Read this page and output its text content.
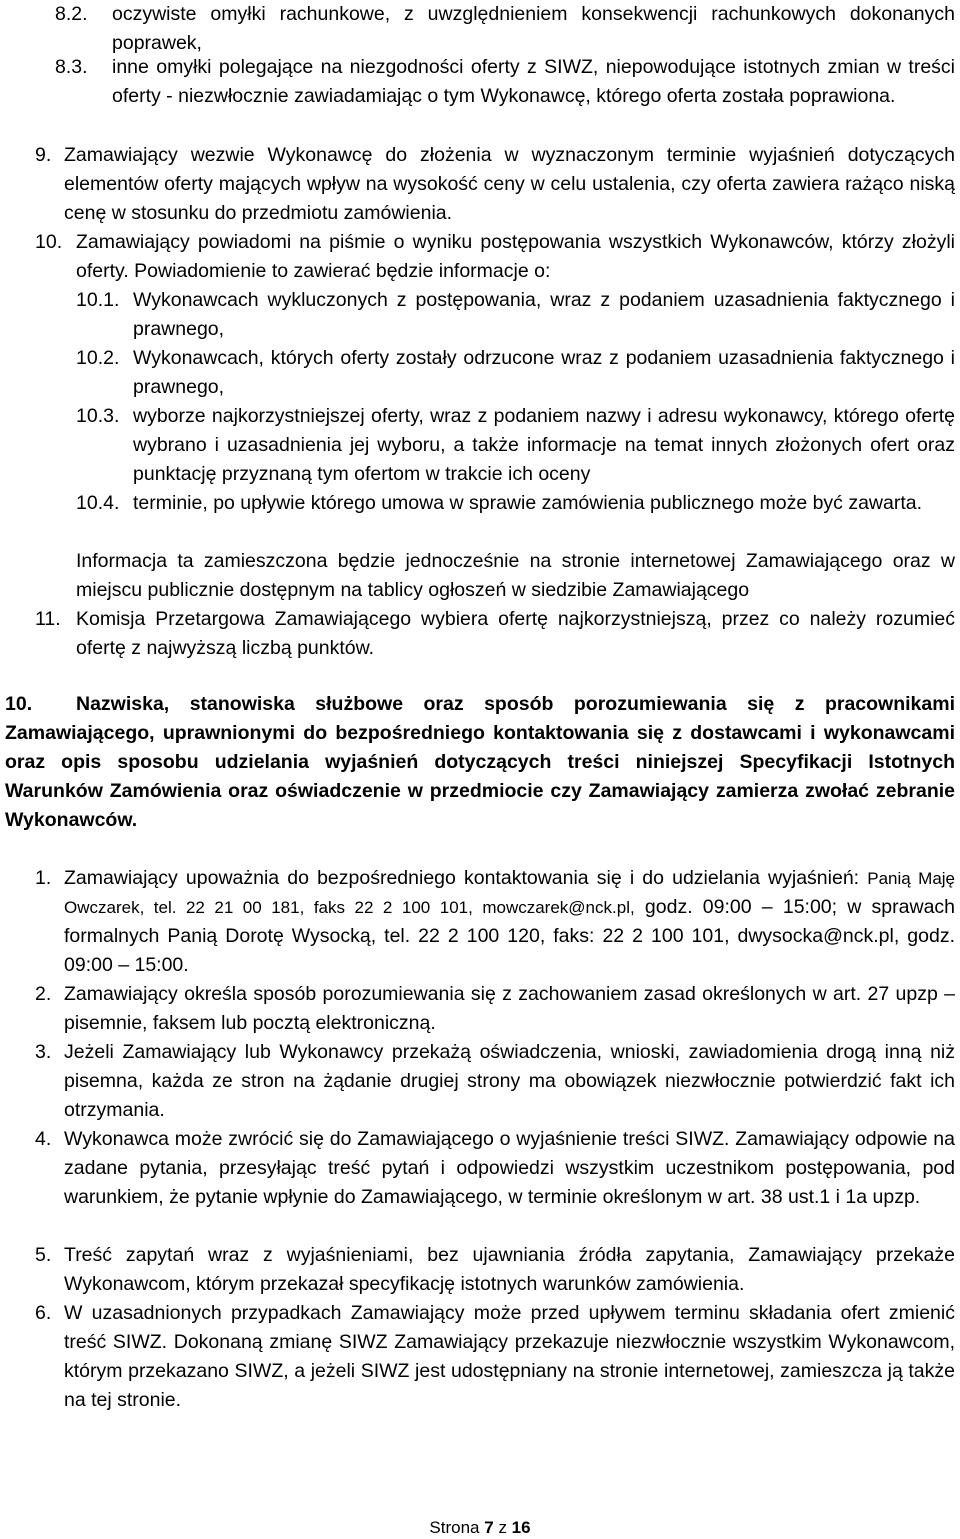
8.2.	oczywiste omyłki rachunkowe, z uwzględnieniem konsekwencji rachunkowych dokonanych poprawek,
8.3.	inne omyłki polegające na niezgodności oferty z SIWZ, niepowodujące istotnych zmian w treści oferty - niezwłocznie zawiadamiając o tym Wykonawcę, którego oferta została poprawiona.
9. Zamawiający wezwie Wykonawcę do złożenia w wyznaczonym terminie wyjaśnień dotyczących elementów oferty mających wpływ na wysokość ceny w celu ustalenia, czy oferta zawiera rażąco niską cenę w stosunku do przedmiotu zamówienia.
10. Zamawiający powiadomi na piśmie o wyniku postępowania wszystkich Wykonawców, którzy złożyli oferty. Powiadomienie to zawierać będzie informacje o:
10.1. Wykonawcach wykluczonych z postępowania, wraz z podaniem uzasadnienia faktycznego i prawnego,
10.2. Wykonawcach, których oferty zostały odrzucone wraz z podaniem uzasadnienia faktycznego i prawnego,
10.3. wyborze najkorzystniejszej oferty, wraz z podaniem nazwy i adresu wykonawcy, którego ofertę wybrano i uzasadnienia jej wyboru, a także informacje na temat innych złożonych ofert oraz punktację przyznaną tym ofertom w trakcie ich oceny
10.4. terminie, po upływie którego umowa w sprawie zamówienia publicznego może być zawarta.
Informacja ta zamieszczona będzie jednocześnie na stronie internetowej Zamawiającego oraz w miejscu publicznie dostępnym na tablicy ogłoszeń w siedzibie Zamawiającego
11. Komisja Przetargowa Zamawiającego wybiera ofertę najkorzystniejszą, przez co należy rozumieć ofertę z najwyższą liczbą punktów.
10. Nazwiska, stanowiska służbowe oraz sposób porozumiewania się z pracownikami Zamawiającego, uprawnionymi do bezpośredniego kontaktowania się z dostawcami i wykonawcami oraz opis sposobu udzielania wyjaśnień dotyczących treści niniejszej Specyfikacji Istotnych Warunków Zamówienia oraz oświadczenie w przedmiocie czy Zamawiający zamierza zwołać zebranie Wykonawców.
1. Zamawiający upoważnia do bezpośredniego kontaktowania się i do udzielania wyjaśnień: Panią Maję Owczarek, tel. 22 21 00 181, faks 22 2 100 101, mowczarek@nck.pl, godz. 09:00 – 15:00; w sprawach formalnych Panią Dorotę Wysocką, tel. 22 2 100 120, faks: 22 2 100 101, dwysocka@nck.pl, godz. 09:00 – 15:00.
2. Zamawiający określa sposób porozumiewania się z zachowaniem zasad określonych w art. 27 upzp – pisemnie, faksem lub pocztą elektroniczną.
3. Jeżeli Zamawiający lub Wykonawcy przekażą oświadczenia, wnioski, zawiadomienia drogą inną niż pisemna, każda ze stron na żądanie drugiej strony ma obowiązek niezwłocznie potwierdzić fakt ich otrzymania.
4. Wykonawca może zwrócić się do Zamawiającego o wyjaśnienie treści SIWZ. Zamawiający odpowie na zadane pytania, przesyłając treść pytań i odpowiedzi wszystkim uczestnikom postępowania, pod warunkiem, że pytanie wpłynie do Zamawiającego, w terminie określonym w art. 38 ust.1 i 1a upzp.
5. Treść zapytań wraz z wyjaśnieniami, bez ujawniania źródła zapytania, Zamawiający przekaże Wykonawcom, którym przekazał specyfikację istotnych warunków zamówienia.
6. W uzasadnionych przypadkach Zamawiający może przed upływem terminu składania ofert zmienić treść SIWZ. Dokonaną zmianę SIWZ Zamawiający przekazuje niezwłocznie wszystkim Wykonawcom, którym przekazano SIWZ, a jeżeli SIWZ jest udostępniany na stronie internetowej, zamieszcza ją także na tej stronie.
Strona 7 z 16
